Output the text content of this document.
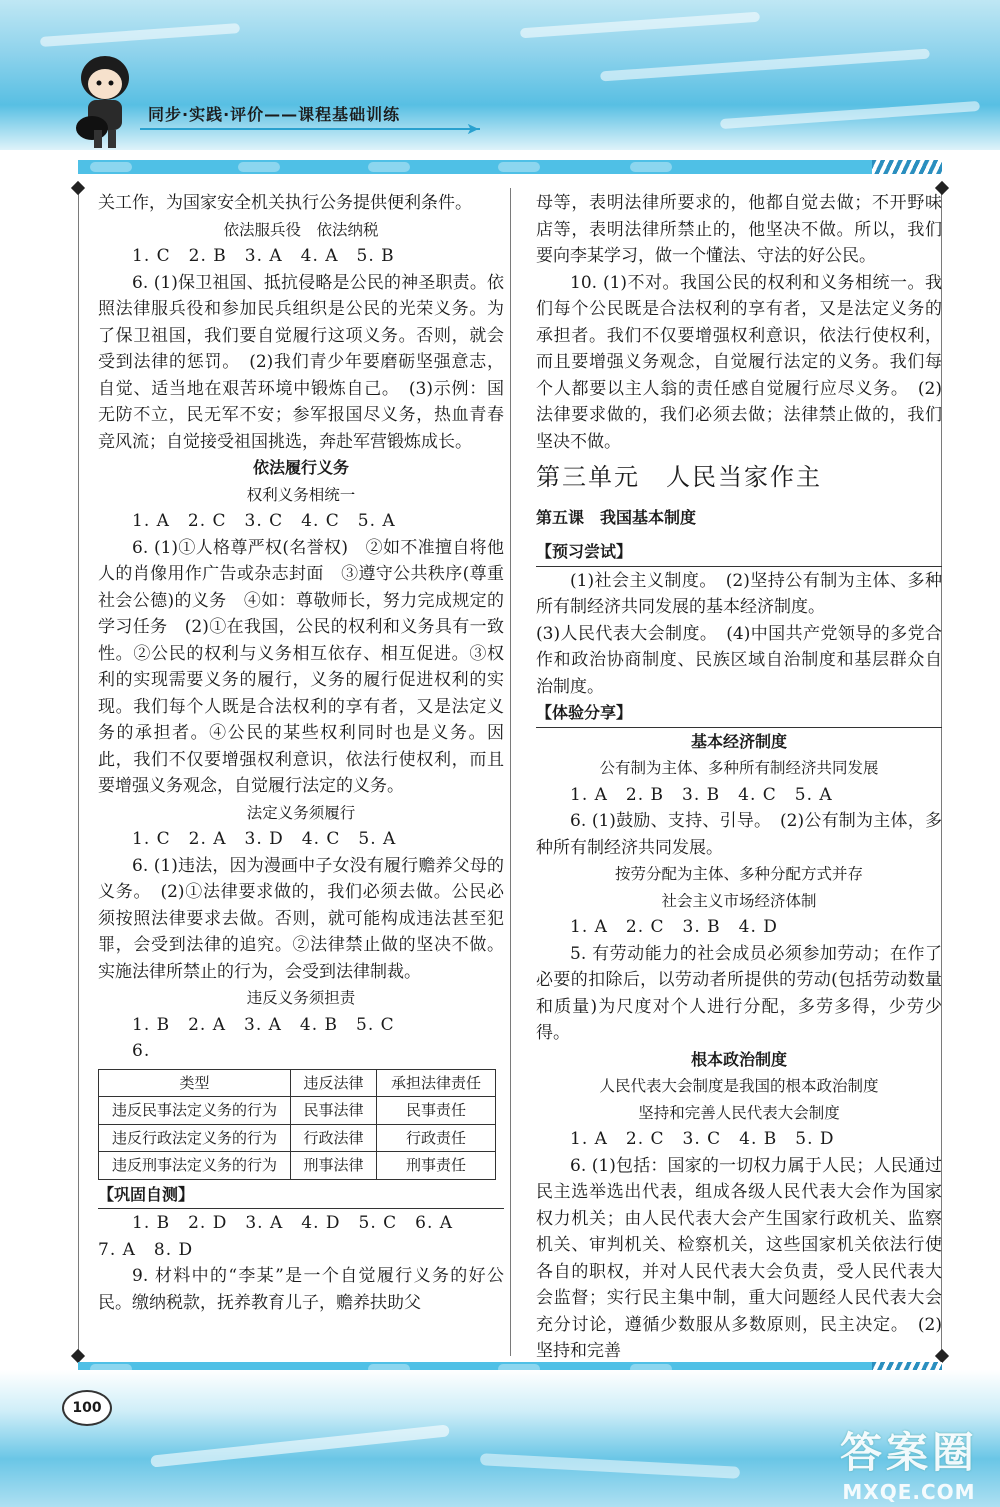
同步·实践·评价——课程基础训练
➤

关工作，为国家安全机关执行公务提供便利条件。

依法服兵役　依法纳税

1. C　2. B　3. A　4. A　5. B

6. (1)保卫祖国、抵抗侵略是公民的神圣职责。依照法律服兵役和参加民兵组织是公民的光荣义务。为了保卫祖国，我们要自觉履行这项义务。否则，就会受到法律的惩罚。　(2)我们青少年要磨砺坚强意志，自觉、适当地在艰苦环境中锻炼自己。　(3)示例：国无防不立，民无军不安；参军报国尽义务，热血青春竞风流；自觉接受祖国挑选，奔赴军营锻炼成长。

依法履行义务

权利义务相统一

1. A　2. C　3. C　4. C　5. A

6. (1)①人格尊严权(名誉权)　②如不准擅自将他人的肖像用作广告或杂志封面　③遵守公共秩序(尊重社会公德)的义务　④如：尊敬师长，努力完成规定的学习任务　(2)①在我国，公民的权利和义务具有一致性。②公民的权利与义务相互依存、相互促进。③权利的实现需要义务的履行，义务的履行促进权利的实现。我们每个人既是合法权利的享有者，又是法定义务的承担者。④公民的某些权利同时也是义务。因此，我们不仅要增强权利意识，依法行使权利，而且要增强义务观念，自觉履行法定的义务。

法定义务须履行

1. C　2. A　3. D　4. C　5. A

6. (1)违法，因为漫画中子女没有履行赡养父母的义务。　(2)①法律要求做的，我们必须去做。公民必须按照法律要求去做。否则，就可能构成违法甚至犯罪，会受到法律的追究。②法律禁止做的坚决不做。实施法律所禁止的行为，会受到法律制裁。

违反义务须担责

1. B　2. A　3. A　4. B　5. C

6.

类型	违反法律	承担法律责任
违反民事法定义务的行为	民事法律	民事责任
违反行政法定义务的行为	行政法律	行政责任
违反刑事法定义务的行为	刑事法律	刑事责任

【巩固自测】

1. B　2. D　3. A　4. D　5. C　6. A

7. A　8. D

9. 材料中的“李某”是一个自觉履行义务的好公民。缴纳税款，抚养教育儿子，赡养扶助父

母等，表明法律所要求的，他都自觉去做；不开野味店等，表明法律所禁止的，他坚决不做。所以，我们要向李某学习，做一个懂法、守法的好公民。

10. (1)不对。我国公民的权利和义务相统一。我们每个公民既是合法权利的享有者，又是法定义务的承担者。我们不仅要增强权利意识，依法行使权利，而且要增强义务观念，自觉履行法定的义务。我们每个人都要以主人翁的责任感自觉履行应尽义务。　(2)法律要求做的，我们必须去做；法律禁止做的，我们坚决不做。

第三单元　人民当家作主

第五课　我国基本制度

【预习尝试】

(1)社会主义制度。　(2)坚持公有制为主体、多种所有制经济共同发展的基本经济制度。

(3)人民代表大会制度。　(4)中国共产党领导的多党合作和政治协商制度、民族区域自治制度和基层群众自治制度。

【体验分享】

基本经济制度

公有制为主体、多种所有制经济共同发展

1. A　2. B　3. B　4. C　5. A

6. (1)鼓励、支持、引导。　(2)公有制为主体，多种所有制经济共同发展。

按劳分配为主体、多种分配方式并存

社会主义市场经济体制

1. A　2. C　3. B　4. D

5. 有劳动能力的社会成员必须参加劳动；在作了必要的扣除后，以劳动者所提供的劳动(包括劳动数量和质量)为尺度对个人进行分配，多劳多得，少劳少得。

根本政治制度

人民代表大会制度是我国的根本政治制度

坚持和完善人民代表大会制度

1. A　2. C　3. C　4. B　5. D

6. (1)包括：国家的一切权力属于人民；人民通过民主选举选出代表，组成各级人民代表大会作为国家权力机关；由人民代表大会产生国家行政机关、监察机关、审判机关、检察机关，这些国家机关依法行使各自的职权，并对人民代表大会负责，受人民代表大会监督；实行民主集中制，重大问题经人民代表大会充分讨论，遵循少数服从多数原则，民主决定。　(2)坚持和完善

100
答案圈
MXQE.COM
